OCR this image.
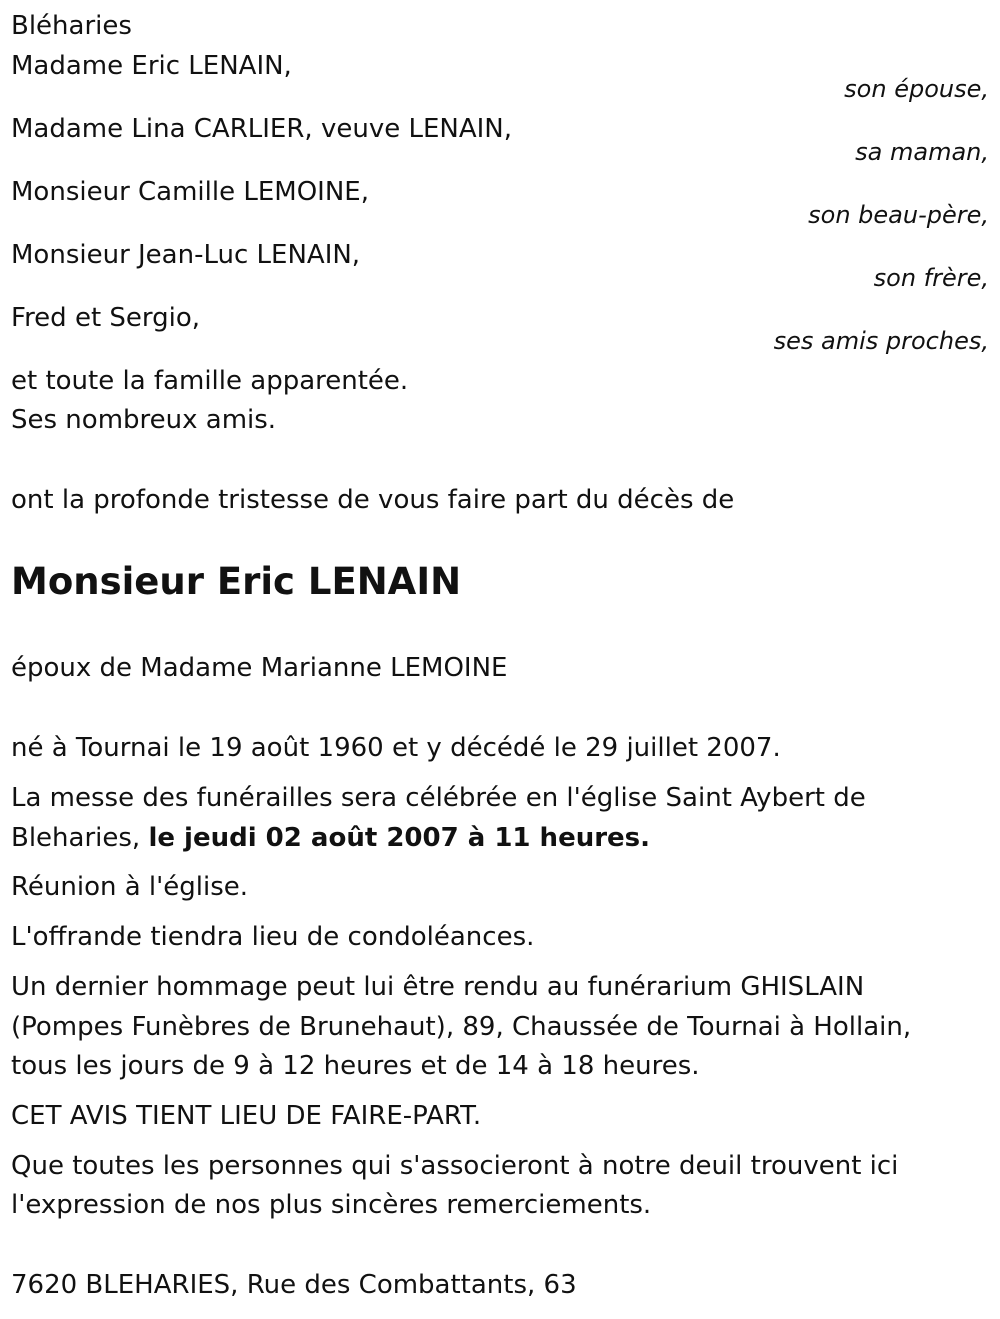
Bléharies

Madame Eric LENAIN,

son épouse,

Madame Lina CARLIER, veuve LENAIN,

sa maman,

Monsieur Camille LEMOINE,

son beau-père,

Monsieur Jean-Luc LENAIN,

son frère,

Fred et Sergio,

ses amis proches,

et toute la famille apparentée.

Ses nombreux amis.

ont la profonde tristesse de vous faire part du décès de

Monsieur Eric LENAIN

époux de Madame Marianne LEMOINE

né à Tournai le 19 août 1960 et y décédé le 29 juillet 2007.

La messe des funérailles sera célébrée en l'église Saint Aybert de

Bleharies, le jeudi 02 août 2007 à 11 heures.

Réunion à l'église.

L'offrande tiendra lieu de condoléances.

Un dernier hommage peut lui être rendu au funérarium GHISLAIN

(Pompes Funèbres de Brunehaut), 89, Chaussée de Tournai à Hollain,

tous les jours de 9 à 12 heures et de 14 à 18 heures.

CET AVIS TIENT LIEU DE FAIRE-PART.

Que toutes les personnes qui s'associeront à notre deuil trouvent ici

l'expression de nos plus sincères remerciements.

7620 BLEHARIES, Rue des Combattants, 63
